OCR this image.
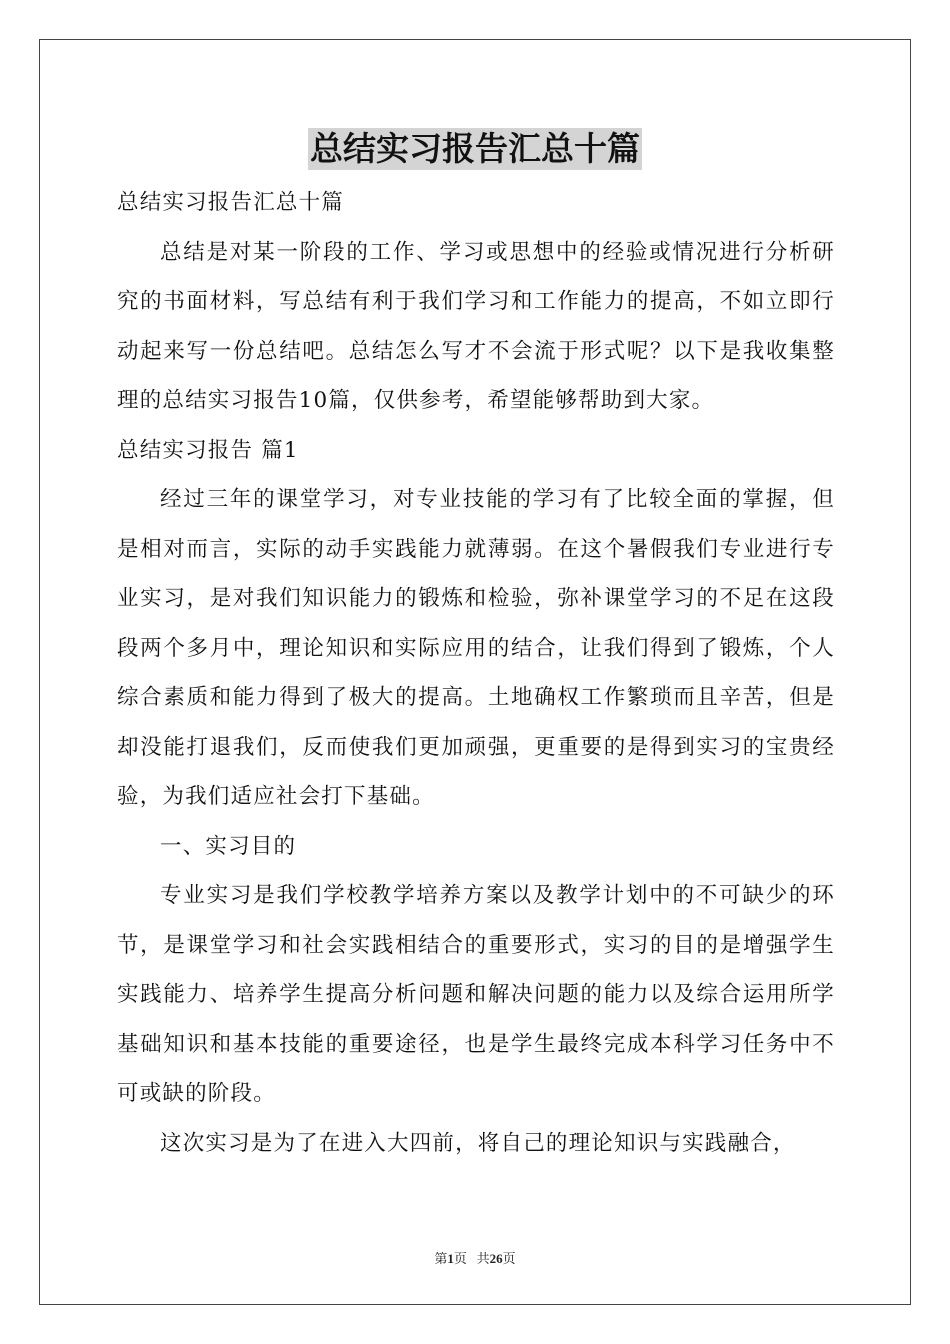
总结实习报告汇总十篇

总结实习报告汇总十篇

总结是对某一阶段的工作、学习或思想中的经验或情况进行分析研究的书面材料，写总结有利于我们学习和工作能力的提高，不如立即行动起来写一份总结吧。总结怎么写才不会流于形式呢？以下是我收集整理的总结实习报告10篇，仅供参考，希望能够帮助到大家。

总结实习报告 篇1

经过三年的课堂学习，对专业技能的学习有了比较全面的掌握，但是相对而言，实际的动手实践能力就薄弱。在这个暑假我们专业进行专业实习，是对我们知识能力的锻炼和检验，弥补课堂学习的不足在这段段两个多月中，理论知识和实际应用的结合，让我们得到了锻炼，个人综合素质和能力得到了极大的提高。土地确权工作繁琐而且辛苦，但是却没能打退我们，反而使我们更加顽强，更重要的是得到实习的宝贵经验，为我们适应社会打下基础。

一、实习目的

专业实习是我们学校教学培养方案以及教学计划中的不可缺少的环节，是课堂学习和社会实践相结合的重要形式，实习的目的是增强学生实践能力、培养学生提高分析问题和解决问题的能力以及综合运用所学基础知识和基本技能的重要途径，也是学生最终完成本科学习任务中不可或缺的阶段。

这次实习是为了在进入大四前，将自己的理论知识与实践融合，

第1页 共26页
